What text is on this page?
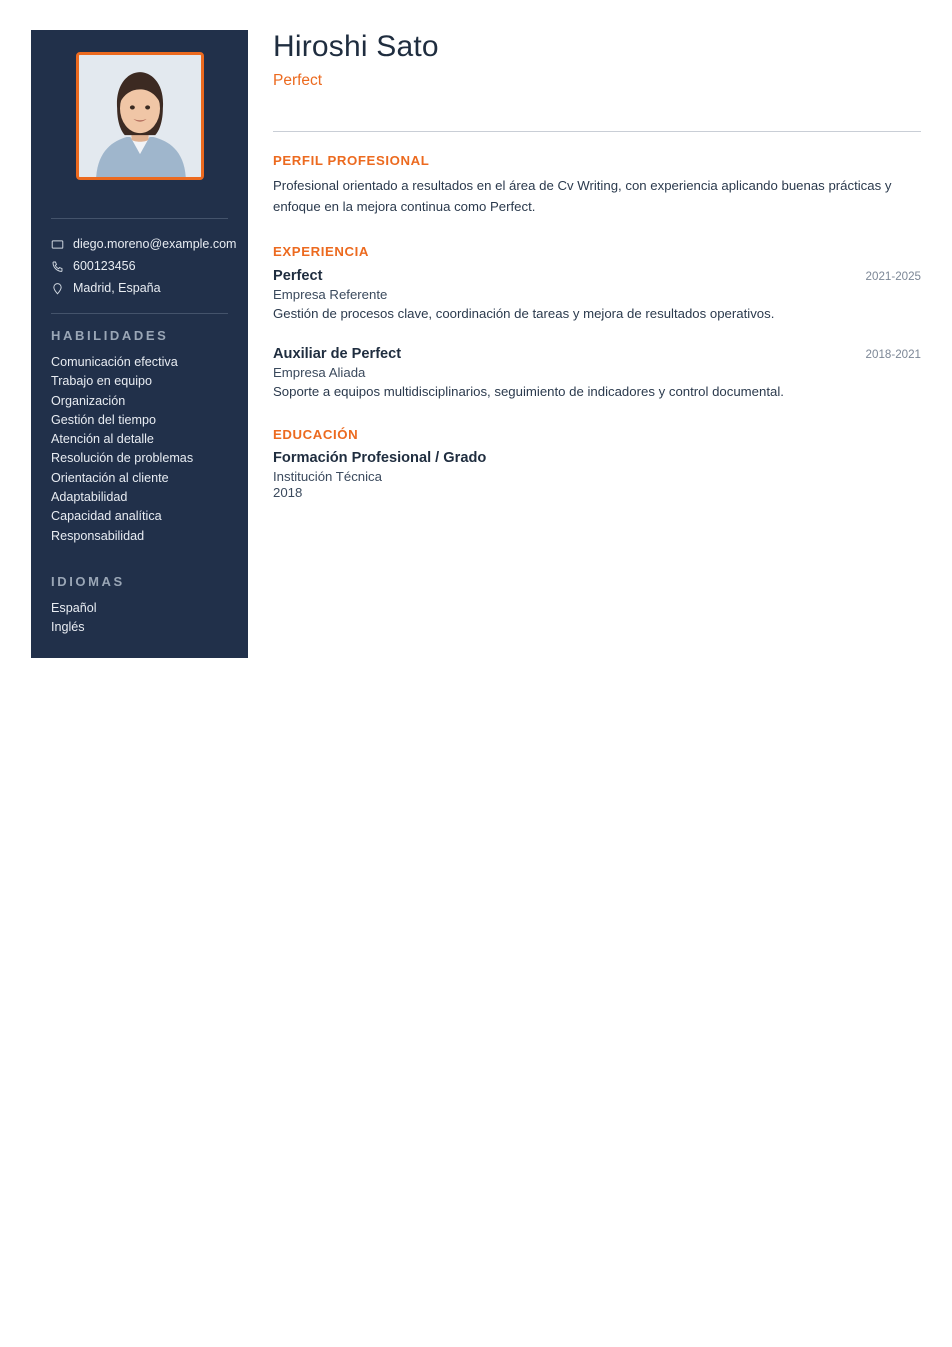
diego.moreno@example.com
600123456
Madrid, España
HABILIDADES
Comunicación efectiva
Trabajo en equipo
Organización
Gestión del tiempo
Atención al detalle
Resolución de problemas
Orientación al cliente
Adaptabilidad
Capacidad analítica
Responsabilidad
IDIOMAS
Español
Inglés
Hiroshi Sato
Perfect
PERFIL PROFESIONAL

Profesional orientado a resultados en el área de Cv Writing, con experiencia aplicando buenas prácticas y enfoque en la mejora continua como Perfect.

EXPERIENCIA
Perfect	2021-2025
Empresa Referente
Gestión de procesos clave, coordinación de tareas y mejora de resultados operativos.
Auxiliar de Perfect	2018-2021
Empresa Aliada
Soporte a equipos multidisciplinarios, seguimiento de indicadores y control documental.
EDUCACIÓN
Formación Profesional / Grado
Institución Técnica
2018
